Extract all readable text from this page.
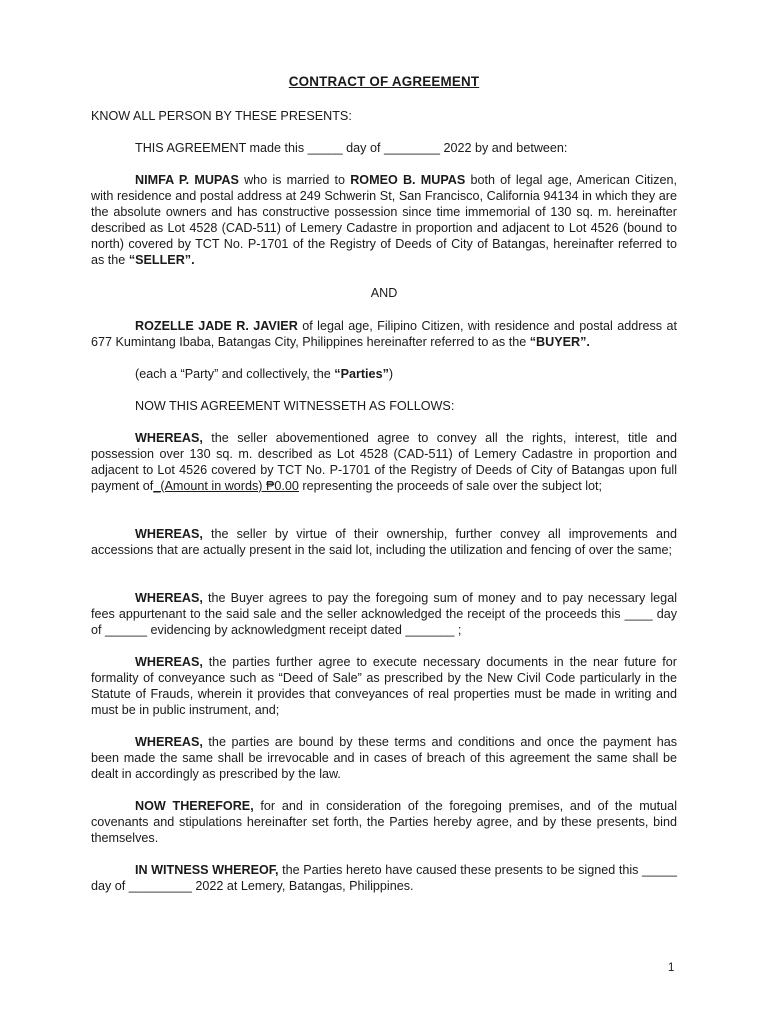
CONTRACT OF AGREEMENT
KNOW ALL PERSON BY THESE PRESENTS:
THIS AGREEMENT made this _____ day of ________ 2022 by and between:
NIMFA P. MUPAS who is married to ROMEO B. MUPAS both of legal age, American Citizen, with residence and postal address at 249 Schwerin St, San Francisco, California 94134 in which they are the absolute owners and has constructive possession since time immemorial of 130 sq. m. hereinafter described as Lot 4528 (CAD-511) of Lemery Cadastre in proportion and adjacent to Lot 4526 (bound to north) covered by TCT No. P-1701 of the Registry of Deeds of City of Batangas, hereinafter referred to as the “SELLER”.
AND
ROZELLE JADE R. JAVIER of legal age, Filipino Citizen, with residence and postal address at 677 Kumintang Ibaba, Batangas City, Philippines hereinafter referred to as the “BUYER”.
(each a “Party” and collectively, the “Parties”)
NOW THIS AGREEMENT WITNESSETH AS FOLLOWS:
WHEREAS, the seller abovementioned agree to convey all the rights, interest, title and possession over 130 sq. m. described as Lot 4528 (CAD-511) of Lemery Cadastre in proportion and adjacent to Lot 4526 covered by TCT No. P-1701 of the Registry of Deeds of City of Batangas upon full payment of_(Amount in words) ₱0.00 representing the proceeds of sale over the subject lot;
WHEREAS, the seller by virtue of their ownership, further convey all improvements and accessions that are actually present in the said lot, including the utilization and fencing of over the same;
WHEREAS, the Buyer agrees to pay the foregoing sum of money and to pay necessary legal fees appurtenant to the said sale and the seller acknowledged the receipt of the proceeds this ____ day of ______ evidencing by acknowledgment receipt dated _______ ;
WHEREAS, the parties further agree to execute necessary documents in the near future for formality of conveyance such as “Deed of Sale” as prescribed by the New Civil Code particularly in the Statute of Frauds, wherein it provides that conveyances of real properties must be made in writing and must be in public instrument, and;
WHEREAS, the parties are bound by these terms and conditions and once the payment has been made the same shall be irrevocable and in cases of breach of this agreement the same shall be dealt in accordingly as prescribed by the law.
NOW THEREFORE, for and in consideration of the foregoing premises, and of the mutual covenants and stipulations hereinafter set forth, the Parties hereby agree, and by these presents, bind themselves.
IN WITNESS WHEREOF, the Parties hereto have caused these presents to be signed this _____ day of _________ 2022 at Lemery, Batangas, Philippines.
1
